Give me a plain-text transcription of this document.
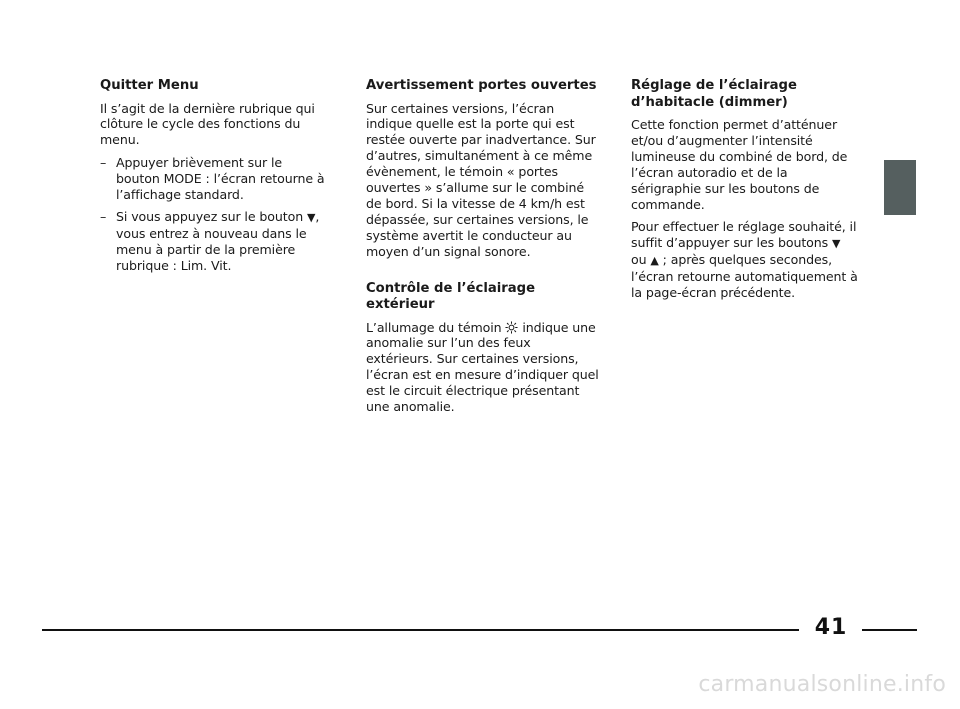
Quitter Menu

Il s’agit de la dernière rubrique qui clôture le cycle des fonctions du menu.

– Appuyer brièvement sur le bouton MODE : l’écran retourne à l’affichage standard.
– Si vous appuyez sur le bouton ▼, vous entrez à nouveau dans le menu à partir de la première rubrique : Lim. Vit.
Avertissement portes ouvertes

Sur certaines versions, l’écran indique quelle est la porte qui est restée ouverte par inadvertance. Sur d’autres, simultanément à ce même évènement, le témoin « portes ouvertes » s’allume sur le combiné de bord. Si la vitesse de 4 km/h est dépassée, sur certaines versions, le système avertit le conducteur au moyen d’un signal sonore.

Contrôle de l’éclairage extérieur

L’allumage du témoin  indique une anomalie sur l’un des feux extérieurs. Sur certaines versions, l’écran est en mesure d’indiquer quel est le circuit électrique présentant une anomalie.

Réglage de l’éclairage d’habitacle (dimmer)

Cette fonction permet d’atténuer et/ou d’augmenter l’intensité lumineuse du combiné de bord, de l’écran autoradio et de la sérigraphie sur les boutons de commande.

Pour effectuer le réglage souhaité, il suffit d’appuyer sur les boutons ▼ ou ▲ ; après quelques secondes, l’écran retourne automatiquement à la page-écran précédente.

41
carmanualsonline.info
